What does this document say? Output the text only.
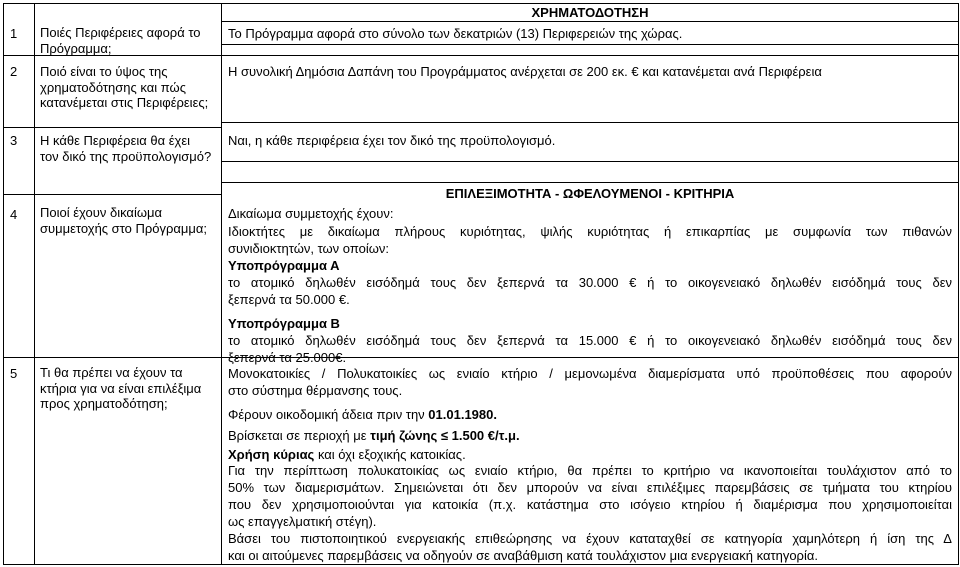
ΧΡΗΜΑΤΟΔΟΤΗΣΗ
1 Ποιές Περιφέρειες αφορά το Πρόγραμμα;
Το Πρόγραμμα αφορά στο σύνολο των δεκατριών (13) Περιφερειών της χώρας.
2 Ποιό είναι το ύψος της χρηματοδότησης και πώς κατανέμεται στις Περιφέρειες;
Η συνολική Δημόσια Δαπάνη του Προγράμματος ανέρχεται σε 200 εκ. € και κατανέμεται ανά Περιφέρεια
3 Η κάθε Περιφέρεια θα έχει τον δικό της προϋπολογισμό?
Ναι, η κάθε περιφέρεια έχει τον δικό της προϋπολογισμό.
ΕΠΙΛΕΞΙΜΟΤΗΤΑ - ΩΦΕΛΟΥΜΕΝΟΙ - ΚΡΙΤΗΡΙΑ
4 Ποιοί έχουν δικαίωμα συμμετοχής στο Πρόγραμμα;
Δικαίωμα συμμετοχής έχουν:
Ιδιοκτήτες με δικαίωμα πλήρους κυριότητας, ψιλής κυριότητας ή επικαρπίας με συμφωνία των πιθανών
συνιδιοκτητών, των οποίων:
Υποπρόγραμμα Α
το ατομικό δηλωθέν εισόδημά τους δεν ξεπερνά τα 30.000 € ή το οικογενειακό δηλωθέν εισόδημά τους δεν
ξεπερνά τα 50.000 €.
Υποπρόγραμμα Β
το ατομικό δηλωθέν εισόδημά τους δεν ξεπερνά τα 15.000 € ή το οικογενειακό δηλωθέν εισόδημά τους δεν
ξεπερνά τα 25.000€.
5 Τι θα πρέπει να έχουν τα κτήρια για να είναι επιλέξιμα προς χρηματοδότηση;
Μονοκατοικίες / Πολυκατοικίες ως ενιαίο κτήριο / μεμονωμένα διαμερίσματα υπό προϋποθέσεις που αφορούν
στο σύστημα θέρμανσης τους.
Φέρουν οικοδομική άδεια πριν την 01.01.1980.
Βρίσκεται σε περιοχή με τιμή ζώνης ≤ 1.500 €/τ.μ.
Χρήση κύριας και όχι εξοχικής κατοικίας.
Για την περίπτωση πολυκατοικίας ως ενιαίο κτήριο, θα πρέπει το κριτήριο να ικανοποιείται τουλάχιστον από το
50% των διαμερισμάτων. Σημειώνεται ότι δεν μπορούν να είναι επιλέξιμες παρεμβάσεις σε τμήματα του κτηρίου
που δεν χρησιμοποιούνται για κατοικία (π.χ. κατάστημα στο ισόγειο κτηρίου ή διαμέρισμα που χρησιμοποιείται
ως επαγγελματική στέγη).
Βάσει του πιστοποιητικού ενεργειακής επιθεώρησης να έχουν καταταχθεί σε κατηγορία χαμηλότερη ή ίση της Δ
και οι αιτούμενες παρεμβάσεις να οδηγούν σε αναβάθμιση κατά τουλάχιστον μια ενεργειακή κατηγορία.
